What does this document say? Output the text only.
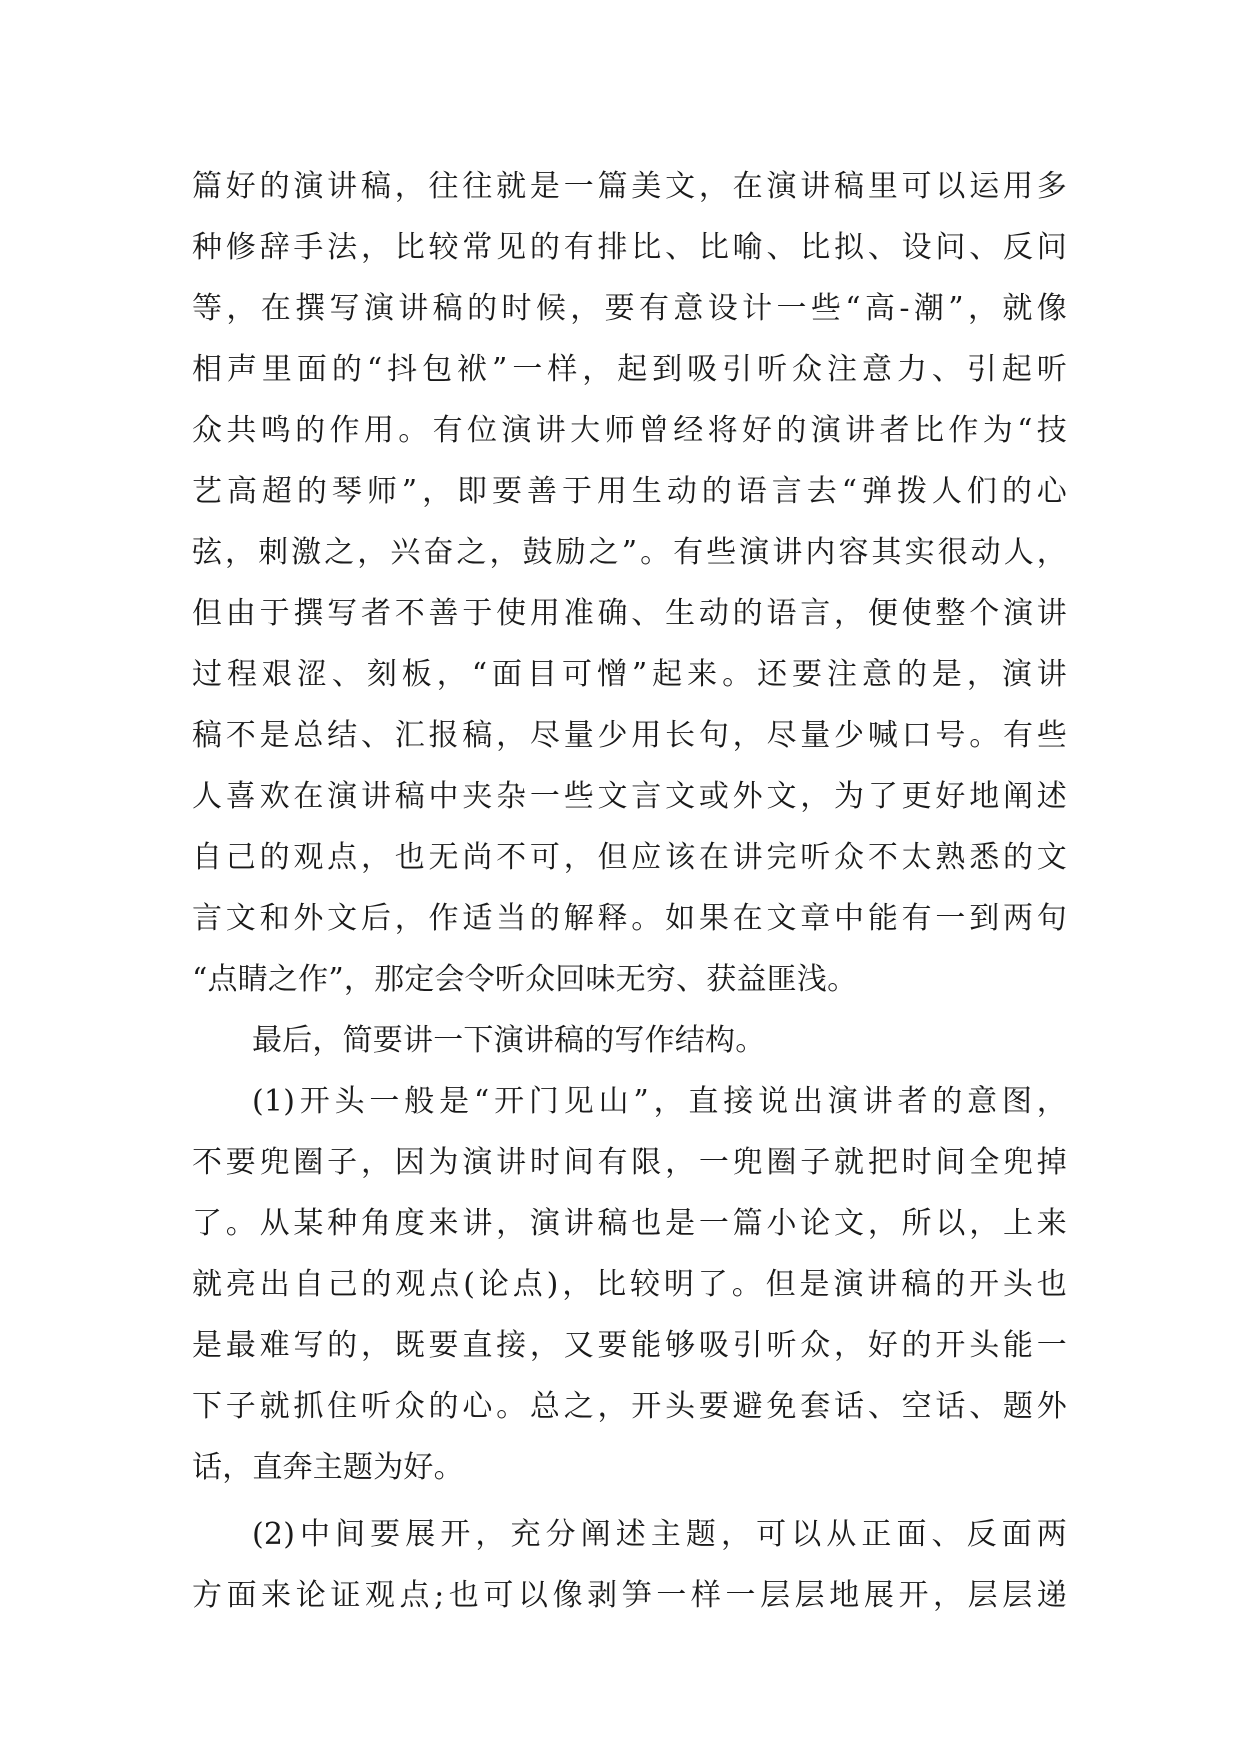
篇好的演讲稿，往往就是一篇美文，在演讲稿里可以运用多
种修辞手法，比较常见的有排比、比喻、比拟、设问、反问
等，在撰写演讲稿的时候，要有意设计一些“高-潮”，就像
相声里面的“抖包袱”一样，起到吸引听众注意力、引起听
众共鸣的作用。有位演讲大师曾经将好的演讲者比作为“技
艺高超的琴师”，即要善于用生动的语言去“弹拨人们的心
弦，刺激之，兴奋之，鼓励之”。有些演讲内容其实很动人，
但由于撰写者不善于使用准确、生动的语言，便使整个演讲
过程艰涩、刻板，“面目可憎”起来。还要注意的是，演讲
稿不是总结、汇报稿，尽量少用长句，尽量少喊口号。有些
人喜欢在演讲稿中夹杂一些文言文或外文，为了更好地阐述
自己的观点，也无尚不可，但应该在讲完听众不太熟悉的文
言文和外文后，作适当的解释。如果在文章中能有一到两句
“点睛之作”，那定会令听众回味无穷、获益匪浅。
最后，简要讲一下演讲稿的写作结构。
(1)开头一般是“开门见山”，直接说出演讲者的意图，
不要兜圈子，因为演讲时间有限，一兜圈子就把时间全兜掉
了。从某种角度来讲，演讲稿也是一篇小论文，所以，上来
就亮出自己的观点(论点)，比较明了。但是演讲稿的开头也
是最难写的，既要直接，又要能够吸引听众，好的开头能一
下子就抓住听众的心。总之，开头要避免套话、空话、题外
话，直奔主题为好。
(2)中间要展开，充分阐述主题，可以从正面、反面两
方面来论证观点;也可以像剥笋一样一层层地展开，层层递
